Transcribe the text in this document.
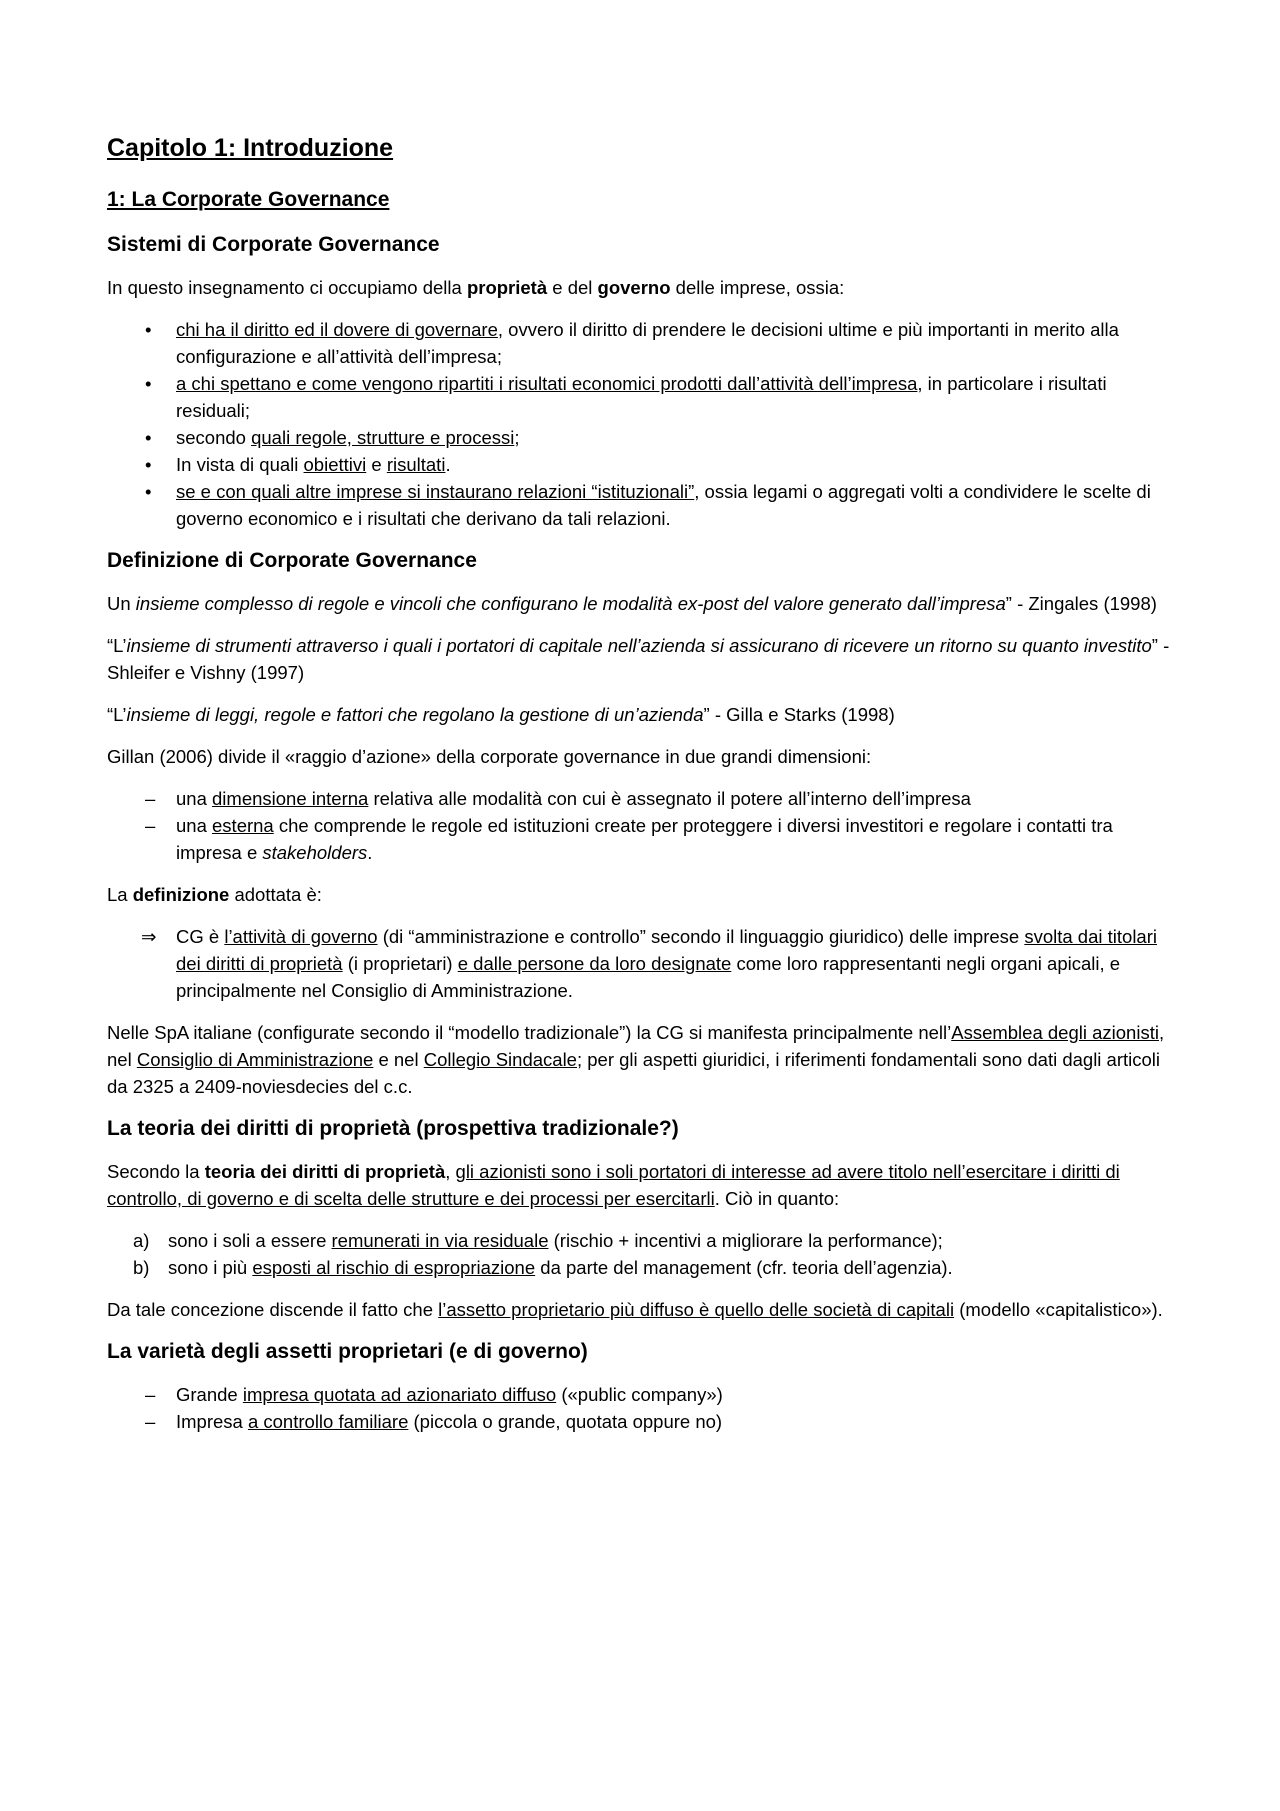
Capitolo 1: Introduzione
1: La Corporate Governance
Sistemi di Corporate Governance
In questo insegnamento ci occupiamo della proprietà e del governo delle imprese, ossia:
•	chi ha il diritto ed il dovere di governare, ovvero il diritto di prendere le decisioni ultime e più importanti in merito alla configurazione e all’attività dell’impresa;
•	a chi spettano e come vengono ripartiti i risultati economici prodotti dall’attività dell’impresa, in particolare i risultati residuali;
•	secondo quali regole, strutture e processi;
•	In vista di quali obiettivi e risultati.
•	se e con quali altre imprese si instaurano relazioni “istituzionali”, ossia legami o aggregati volti a condividere le scelte di governo economico e i risultati che derivano da tali relazioni.
Definizione di Corporate Governance
Un insieme complesso di regole e vincoli che configurano le modalità ex-post del valore generato dall’impresa” - Zingales (1998)
“L’insieme di strumenti attraverso i quali i portatori di capitale nell’azienda si assicurano di ricevere un ritorno su quanto investito” - Shleifer e Vishny (1997)
“L’insieme di leggi, regole e fattori che regolano la gestione di un’azienda” - Gilla e Starks (1998)
Gillan (2006) divide il «raggio d’azione» della corporate governance in due grandi dimensioni:
–	una dimensione interna relativa alle modalità con cui è assegnato il potere all’interno dell’impresa
–	una esterna che comprende le regole ed istituzioni create per proteggere i diversi investitori e regolare i contatti tra impresa e stakeholders.
La definizione adottata è:
⇒	CG è l’attività di governo (di “amministrazione e controllo” secondo il linguaggio giuridico) delle imprese svolta dai titolari dei diritti di proprietà (i proprietari) e dalle persone da loro designate come loro rappresentanti negli organi apicali, e principalmente nel Consiglio di Amministrazione.
Nelle SpA italiane (configurate secondo il “modello tradizionale”) la CG si manifesta principalmente nell’Assemblea degli azionisti, nel Consiglio di Amministrazione e nel Collegio Sindacale; per gli aspetti giuridici, i riferimenti fondamentali sono dati dagli articoli da 2325 a 2409-noviesdecies del c.c.
La teoria dei diritti di proprietà (prospettiva tradizionale?)
Secondo la teoria dei diritti di proprietà, gli azionisti sono i soli portatori di interesse ad avere titolo nell’esercitare i diritti di controllo, di governo e di scelta delle strutture e dei processi per esercitarli. Ciò in quanto:
a)	sono i soli a essere remunerati in via residuale (rischio + incentivi a migliorare la performance);
b)	sono i più esposti al rischio di espropriazione da parte del management (cfr. teoria dell’agenzia).
Da tale concezione discende il fatto che l’assetto proprietario più diffuso è quello delle società di capitali (modello «capitalistico»).
La varietà degli assetti proprietari (e di governo)
–	Grande impresa quotata ad azionariato diffuso («public company»)
–	Impresa a controllo familiare (piccola o grande, quotata oppure no)
